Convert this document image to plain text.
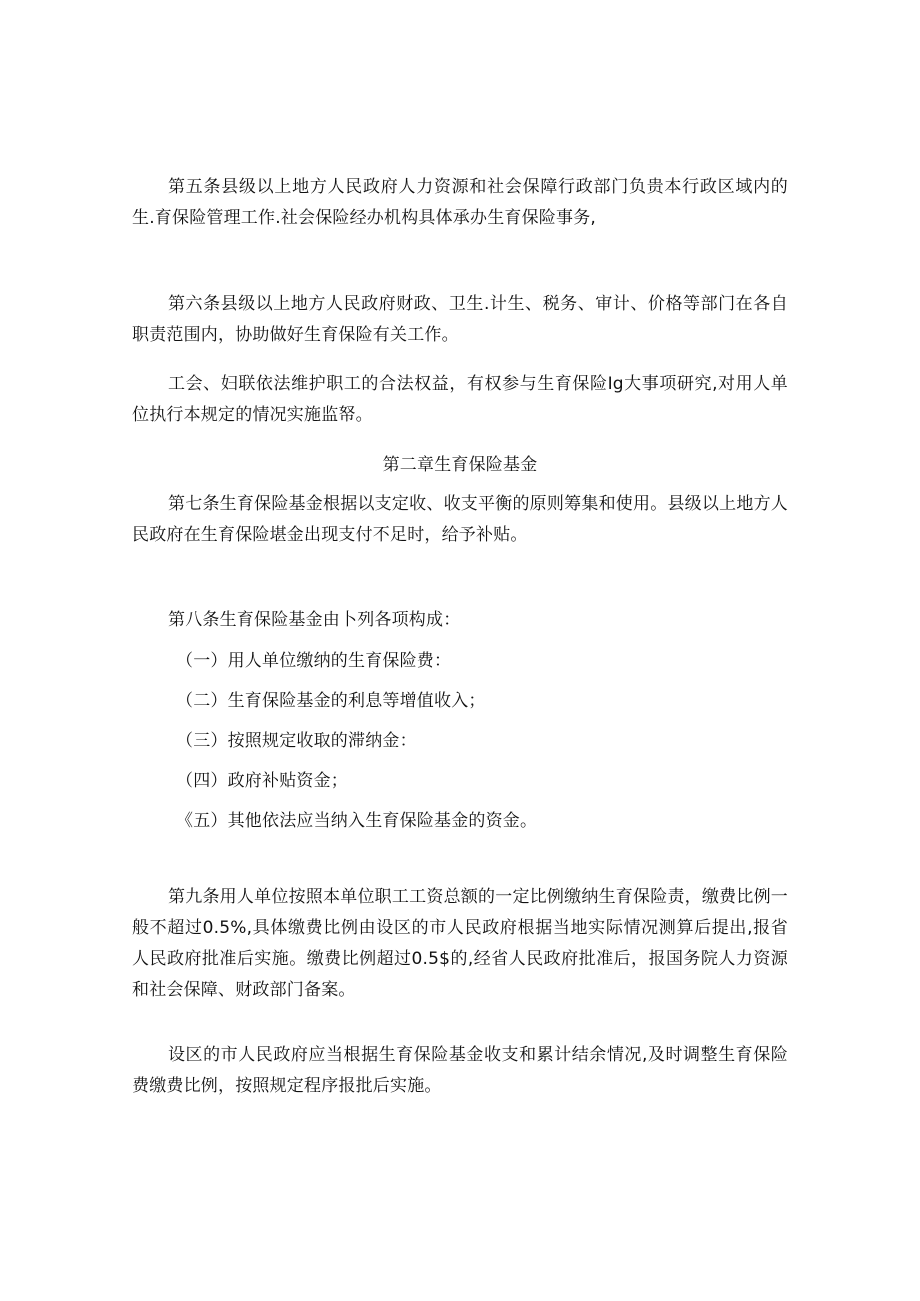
第五条县级以上地方人民政府人力资源和社会保障行政部门负贵本行政区域内的生.育保险管理工作.社会保险经办机构具体承办生育保险事务,

第六条县级以上地方人民政府财政、卫生.计生、税务、审计、价格等部门在各自职责范围内，协助做好生育保险有关工作。

工会、妇联依法维护职工的合法权益，有权参与生育保险Ig大事项研究,对用人单位执行本规定的情况实施监帑。

第二章生育保险基金

第七条生育保险基金根据以支定收、收支平衡的原则筹集和使用。县级以上地方人民政府在生育保险堪金出现支付不足时，给予补贴。

第八条生育保险基金由卜列各项构成：

（一）用人单位缴纳的生育保险费：

（二）生育保险基金的利息等增值收入；

（三）按照规定收取的滞纳金：

（四）政府补贴资金；

《五）其他依法应当纳入生育保险基金的资金。

第九条用人单位按照本单位职工工资总额的一定比例缴纳生育保险责，缴费比例一般不超过0.5%,具体缴费比例由设区的市人民政府根据当地实际情况测算后提出,报省人民政府批准后实施。缴费比例超过0.5$的,经省人民政府批准后，报国务院人力资源和社会保障、财政部门备案。

设区的市人民政府应当根据生育保险基金收支和累计结余情况,及时调整生育保险费缴费比例，按照规定程序报批后实施。
